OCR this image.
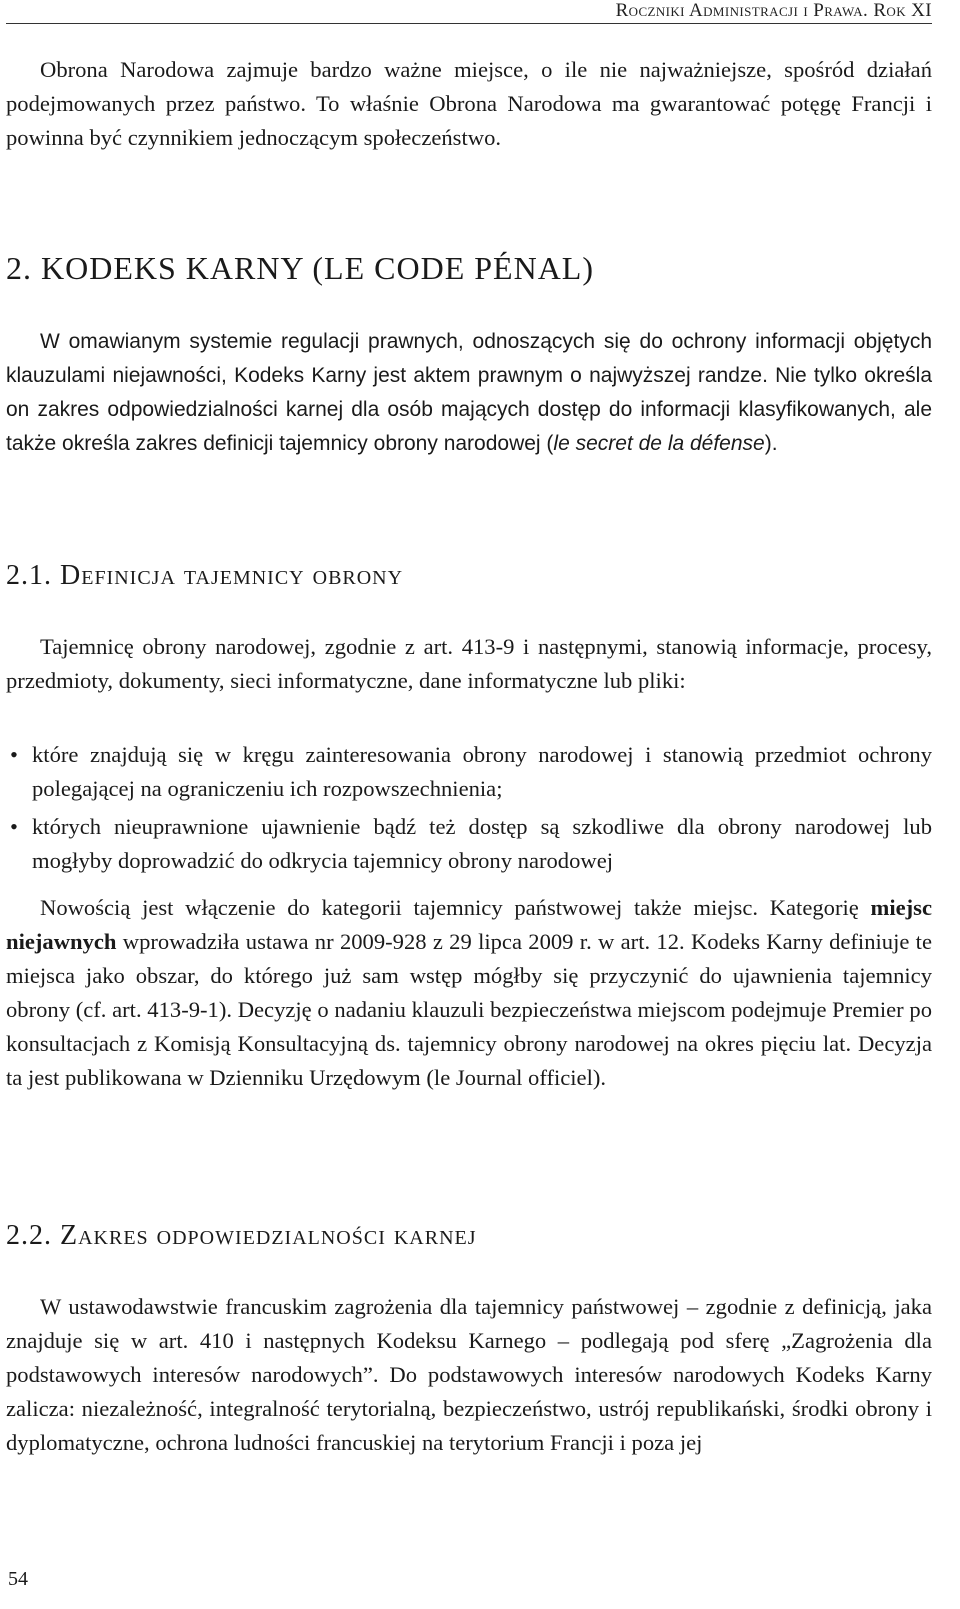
Roczniki Administracji i Prawa. Rok XI

Obrona Narodowa zajmuje bardzo ważne miejsce, o ile nie najważniejsze, spośród działań podejmowanych przez państwo. To właśnie Obrona Narodowa ma gwarantować potęgę Francji i powinna być czynnikiem jednoczącym społeczeństwo.

2. KODEKS KARNY (LE CODE PÉNAL)

W omawianym systemie regulacji prawnych, odnoszących się do ochrony informacji objętych klauzulami niejawności, Kodeks Karny jest aktem prawnym o najwyższej randze. Nie tylko określa on zakres odpowiedzialności karnej dla osób mających dostęp do informacji klasyfikowanych, ale także określa zakres definicji tajemnicy obrony narodowej (le secret de la défense).

2.1. Definicja tajemnicy obrony

Tajemnicę obrony narodowej, zgodnie z art. 413-9 i następnymi, stanowią informacje, procesy, przedmioty, dokumenty, sieci informatyczne, dane informatyczne lub pliki:

• które znajdują się w kręgu zainteresowania obrony narodowej i stanowią przedmiot ochrony polegającej na ograniczeniu ich rozpowszechnienia;
• których nieuprawnione ujawnienie bądź też dostęp są szkodliwe dla obrony narodowej lub mogłyby doprowadzić do odkrycia tajemnicy obrony narodowej

Nowością jest włączenie do kategorii tajemnicy państwowej także miejsc. Kategorię miejsc niejawnych wprowadziła ustawa nr 2009-928 z 29 lipca 2009 r. w art. 12. Kodeks Karny definiuje te miejsca jako obszar, do którego już sam wstęp mógłby się przyczynić do ujawnienia tajemnicy obrony (cf. art. 413-9-1). Decyzję o nadaniu klauzuli bezpieczeństwa miejscom podejmuje Premier po konsultacjach z Komisją Konsultacyjną ds. tajemnicy obrony narodowej na okres pięciu lat. Decyzja ta jest publikowana w Dzienniku Urzędowym (le Journal officiel).

2.2. Zakres odpowiedzialności karnej

W ustawodawstwie francuskim zagrożenia dla tajemnicy państwowej – zgodnie z definicją, jaka znajduje się w art. 410 i następnych Kodeksu Karnego – podlegają pod sferę „Zagrożenia dla podstawowych interesów narodowych”. Do podstawowych interesów narodowych Kodeks Karny zalicza: niezależność, integralność terytorialną, bezpieczeństwo, ustrój republikański, środki obrony i dyplomatyczne, ochrona ludności francuskiej na terytorium Francji i poza jej

54
